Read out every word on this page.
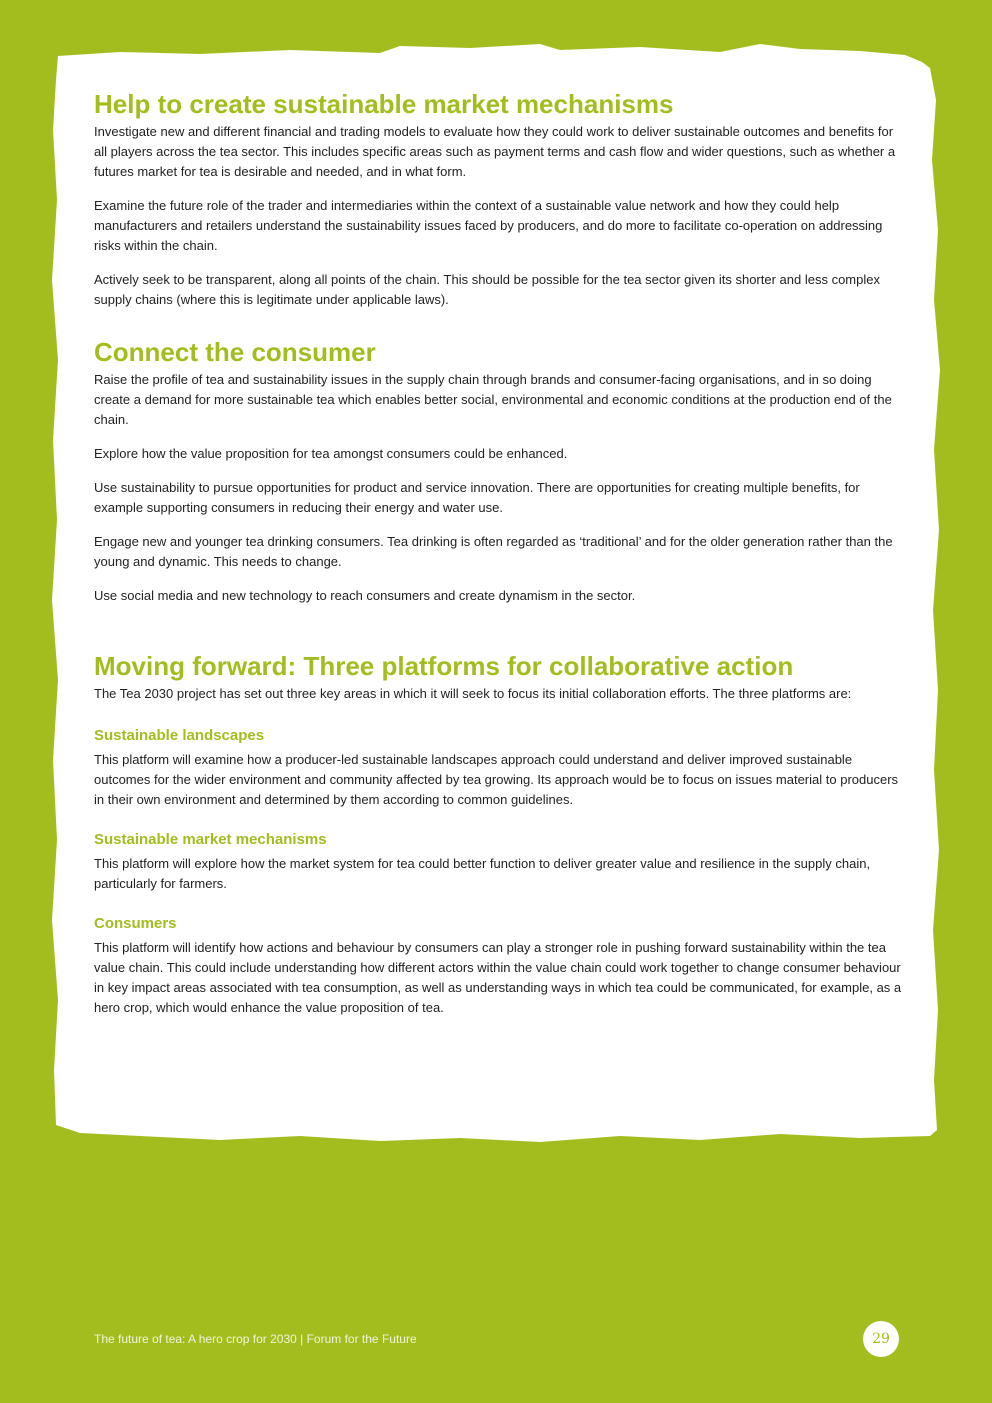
Help to create sustainable market mechanisms

Investigate new and different financial and trading models to evaluate how they could work to deliver sustainable outcomes and benefits for all players across the tea sector. This includes specific areas such as payment terms and cash flow and wider questions, such as whether a futures market for tea is desirable and needed, and in what form.

Examine the future role of the trader and intermediaries within the context of a sustainable value network and how they could help manufacturers and retailers understand the sustainability issues faced by producers, and do more to facilitate co-operation on addressing risks within the chain.

Actively seek to be transparent, along all points of the chain. This should be possible for the tea sector given its shorter and less complex supply chains (where this is legitimate under applicable laws).

Connect the consumer

Raise the profile of tea and sustainability issues in the supply chain through brands and consumer-facing organisations, and in so doing create a demand for more sustainable tea which enables better social, environmental and economic conditions at the production end of the chain.

Explore how the value proposition for tea amongst consumers could be enhanced.

Use sustainability to pursue opportunities for product and service innovation. There are opportunities for creating multiple benefits, for example supporting consumers in reducing their energy and water use.

Engage new and younger tea drinking consumers. Tea drinking is often regarded as ‘traditional’ and for the older generation rather than the young and dynamic. This needs to change.

Use social media and new technology to reach consumers and create dynamism in the sector.

Moving forward: Three platforms for collaborative action

The Tea 2030 project has set out three key areas in which it will seek to focus its initial collaboration efforts. The three platforms are:

Sustainable landscapes

This platform will examine how a producer-led sustainable landscapes approach could understand and deliver improved sustainable outcomes for the wider environment and community affected by tea growing. Its approach would be to focus on issues material to producers in their own environment and determined by them according to common guidelines.

Sustainable market mechanisms

This platform will explore how the market system for tea could better function to deliver greater value and resilience in the supply chain, particularly for farmers.

Consumers

This platform will identify how actions and behaviour by consumers can play a stronger role in pushing forward sustainability within the tea value chain. This could include understanding how different actors within the value chain could work together to change consumer behaviour in key impact areas associated with tea consumption, as well as understanding ways in which tea could be communicated, for example, as a hero crop, which would enhance the value proposition of tea.

The future of tea: A hero crop for 2030 | Forum for the Future	29
